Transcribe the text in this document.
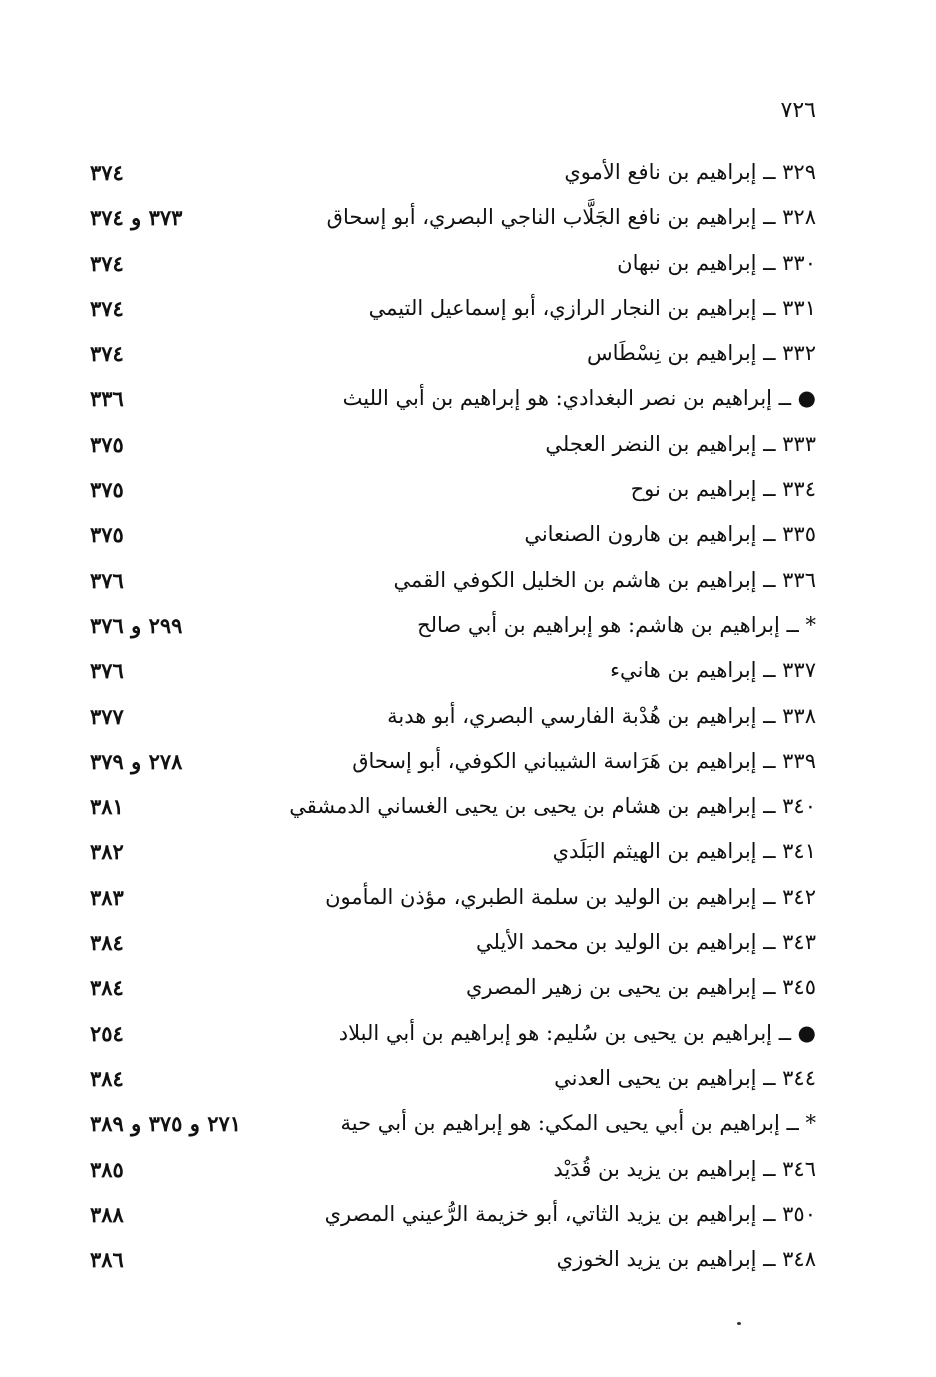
٧٢٦
٣٢٩ ــ إبراهيم بن نافع الأموي
٣٧٤
٣٢٨ ــ إبراهيم بن نافع الجَلَّاب الناجي البصري، أبو إسحاق
٣٧٣ و ٣٧٤
٣٣٠ ــ إبراهيم بن نبهان
٣٧٤
٣٣١ ــ إبراهيم بن النجار الرازي، أبو إسماعيل التيمي
٣٧٤
٣٣٢ ــ إبراهيم بن نِسْطَاس
٣٧٤
● ــ إبراهيم بن نصر البغدادي: هو إبراهيم بن أبي الليث
٣٣٦
٣٣٣ ــ إبراهيم بن النضر العجلي
٣٧٥
٣٣٤ ــ إبراهيم بن نوح
٣٧٥
٣٣٥ ــ إبراهيم بن هارون الصنعاني
٣٧٥
٣٣٦ ــ إبراهيم بن هاشم بن الخليل الكوفي القمي
٣٧٦
* ــ إبراهيم بن هاشم: هو إبراهيم بن أبي صالح
٢٩٩ و ٣٧٦
٣٣٧ ــ إبراهيم بن هانيء
٣٧٦
٣٣٨ ــ إبراهيم بن هُدْبة الفارسي البصري، أبو هدبة
٣٧٧
٣٣٩ ــ إبراهيم بن هَرَاسة الشيباني الكوفي، أبو إسحاق
٢٧٨ و ٣٧٩
٣٤٠ ــ إبراهيم بن هشام بن يحيى بن يحيى الغساني الدمشقي
٣٨١
٣٤١ ــ إبراهيم بن الهيثم البَلَدي
٣٨٢
٣٤٢ ــ إبراهيم بن الوليد بن سلمة الطبري، مؤذن المأمون
٣٨٣
٣٤٣ ــ إبراهيم بن الوليد بن محمد الأيلي
٣٨٤
٣٤٥ ــ إبراهيم بن يحيى بن زهير المصري
٣٨٤
● ــ إبراهيم بن يحيى بن سُليم: هو إبراهيم بن أبي البلاد
٢٥٤
٣٤٤ ــ إبراهيم بن يحيى العدني
٣٨٤
* ــ إبراهيم بن أبي يحيى المكي: هو إبراهيم بن أبي حية
٢٧١ و ٣٧٥ و ٣٨٩
٣٤٦ ــ إبراهيم بن يزيد بن قُدَيْد
٣٨٥
٣٥٠ ــ إبراهيم بن يزيد الثاتي، أبو خزيمة الرُّعيني المصري
٣٨٨
٣٤٨ ــ إبراهيم بن يزيد الخوزي
٣٨٦
